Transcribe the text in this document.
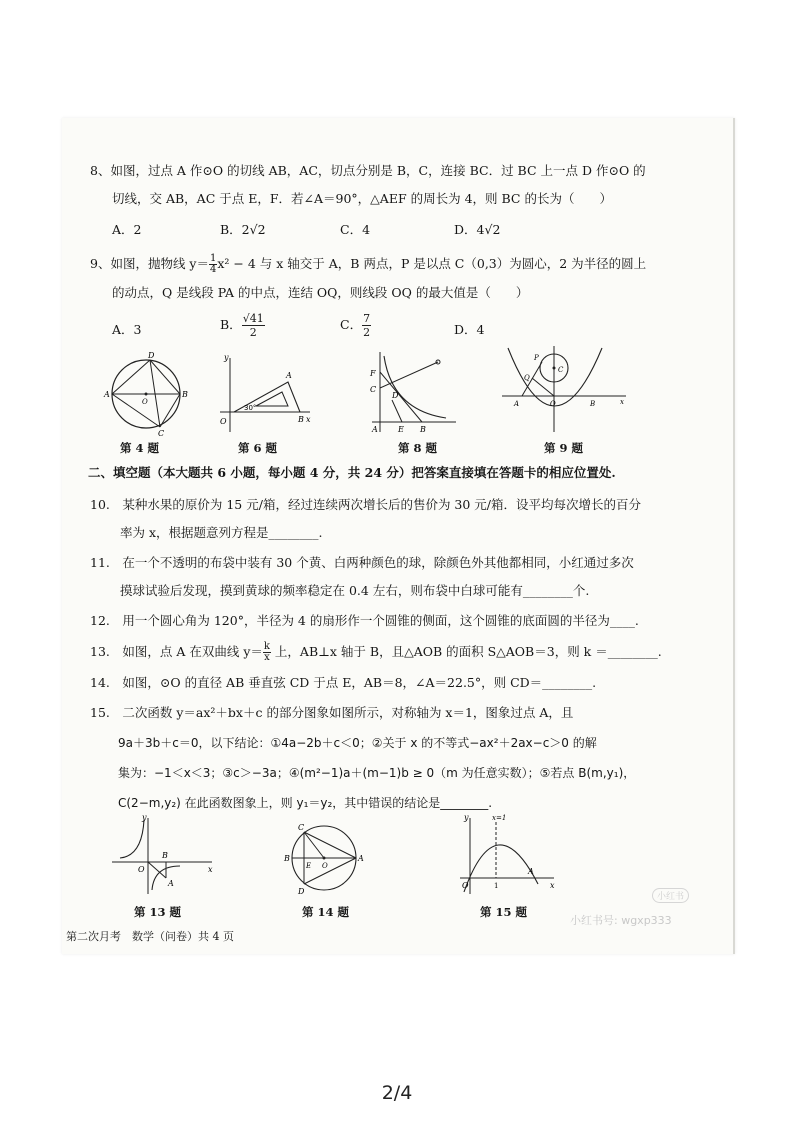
8、如图，过点 A 作⊙O 的切线 AB，AC，切点分别是 B，C，连接 BC．过 BC 上一点 D 作⊙O 的
切线，交 AB，AC 于点 E，F．若∠A＝90°，△AEF 的周长为 4，则 BC 的长为（　　）
A．2	B．2√2	C．4	D．4√2
9、如图，抛物线 $y= \frac{1}{4} x^2 - 4$ 与 x 轴交于 A，B 两点，P 是以点 C（0,3）为圆心，2 为半径的圆上
的动点，Q 是线段 PA 的中点，连结 OQ，则线段 OQ 的最大值是（　　）
A．3	B． $\frac{√41}{2}$	C． $\frac{7}{2}$	D．4
D
A	B
O
C
第 4 题
30°
O
A
B x
y
第 6 题
F
C
D
E B
A
第 8 题
C
P
Q
A	O	B	x
第 9 题
二、填空题（本大题共 6 小题，每小题 4 分，共 24 分）把答案直接填在答题卡的相应位置处.
10.　某种水果的原价为 15 元/箱，经过连续两次增长后的售价为 30 元/箱．设平均每次增长的百分
率为 x，根据题意列方程是________.
11.　在一个不透明的布袋中装有 30 个黄、白两种颜色的球，除颜色外其他都相同，小红通过多次
摸球试验后发现，摸到黄球的频率稳定在 0.4 左右，则布袋中白球可能有________个.
12.　用一个圆心角为 120°，半径为 4 的扇形作一个圆锥的侧面，这个圆锥的底面圆的半径为____.
13.　如图，点 A 在双曲线 $y= \frac{k}{x}$ 上，AB⊥x 轴于 B，且△AOB 的面积 S△AOB＝3，则 k ＝________.
14.　如图，⊙O 的直径 AB 垂直弦 CD 于点 E，AB＝8，∠A＝22.5°，则 CD＝________.
15.　二次函数 y＝ax²＋bx＋c 的部分图象如图所示，对称轴为 x＝1，图象过点 A，且
9a＋3b＋c＝0，以下结论：①4a−2b＋c＜0；②关于 x 的不等式−ax²＋2ax−c＞0 的解
集为：−1＜x＜3；③c＞−3a；④(m²−1)a＋(m−1)b ≥ 0（m 为任意实数）；⑤若点 B(m,y₁)，
C(2−m,y₂) 在此函数图象上，则 y₁＝y₂，其中错误的结论是________.
y
O
B
A
x
第 13 题
C
B
E O
A
D
第 14 题
y	x=1
O	1
A
x
第 15 题
小红书
小红书号: wgxp333
第二次月考　数学（问卷）共 4 页
2/4
